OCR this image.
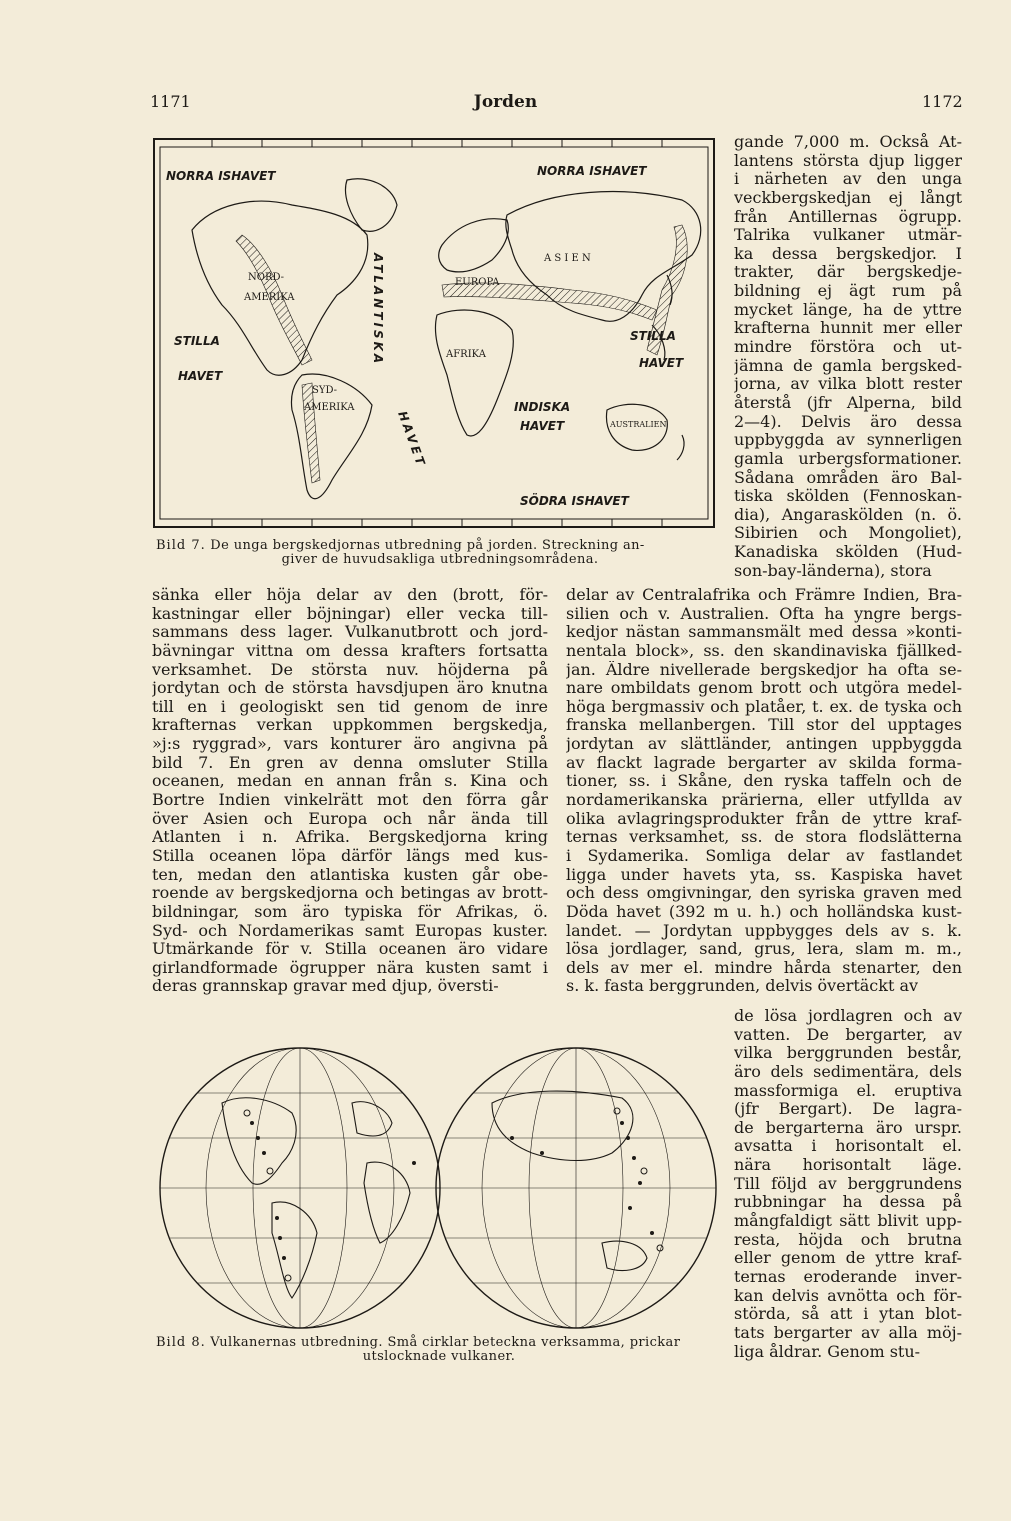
1171	Jorden	1172
NORRA ISHAVET	NORRA ISHAVET
STILLA
HAVET
STILLA
HAVET
INDISKA
HAVET
SÖDRA ISHAVET
NORD-
AMERIKA
SYD-
AMERIKA
AFRIKA
A S I E N
EUROPA
AUSTRALIEN
ATLANTISKA
HAVET
Bild 7. De unga bergskedjornas utbredning på jorden. Streckning an-
giver de huvudsakliga utbredningsområdena.
gande 7,000 m. Också At-
lantens största djup ligger
i närheten av den unga
veckbergskedjan ej långt
från Antillernas ögrupp.
Talrika vulkaner utmär-
ka dessa bergskedjor. I
trakter, där bergskedje-
bildning ej ägt rum på
mycket länge, ha de yttre
krafterna hunnit mer eller
mindre förstöra och ut-
jämna de gamla bergsked-
jorna, av vilka blott rester
återstå (jfr Alperna, bild
2—4). Delvis äro dessa
uppbyggda av synnerligen
gamla urbergsformationer.
Sådana områden äro Bal-
tiska skölden (Fennoskan-
dia), Angaraskölden (n. ö.
Sibirien och Mongoliet),
Kanadiska skölden (Hud-
son-bay-länderna), stora
sänka eller höja delar av den (brott, för-
kastningar eller böjningar) eller vecka till-
sammans dess lager. Vulkanutbrott och jord-
bävningar vittna om dessa krafters fortsatta
verksamhet. De största nuv. höjderna på
jordytan och de största havsdjupen äro knutna
till en i geologiskt sen tid genom de inre
krafternas verkan uppkommen bergskedja,
»j:s ryggrad», vars konturer äro angivna på
bild 7. En gren av denna omsluter Stilla
oceanen, medan en annan från s. Kina och
Bortre Indien vinkelrätt mot den förra går
över Asien och Europa och når ända till
Atlanten i n. Afrika. Bergskedjorna kring
Stilla oceanen löpa därför längs med kus-
ten, medan den atlantiska kusten går obe-
roende av bergskedjorna och betingas av brott-
bildningar, som äro typiska för Afrikas, ö.
Syd- och Nordamerikas samt Europas kuster.
Utmärkande för v. Stilla oceanen äro vidare
girlandformade ögrupper nära kusten samt i
deras grannskap gravar med djup, översti-
delar av Centralafrika och Främre Indien, Bra-
silien och v. Australien. Ofta ha yngre bergs-
kedjor nästan sammansmält med dessa »konti-
nentala block», ss. den skandinaviska fjällked-
jan. Äldre nivellerade bergskedjor ha ofta se-
nare ombildats genom brott och utgöra medel-
höga bergmassiv och platåer, t. ex. de tyska och
franska mellanbergen. Till stor del upptages
jordytan av slättländer, antingen uppbyggda
av flackt lagrade bergarter av skilda forma-
tioner, ss. i Skåne, den ryska taffeln och de
nordamerikanska prärierna, eller utfyllda av
olika avlagringsprodukter från de yttre kraf-
ternas verksamhet, ss. de stora flodslätterna
i Sydamerika. Somliga delar av fastlandet
ligga under havets yta, ss. Kaspiska havet
och dess omgivningar, den syriska graven med
Döda havet (392 m u. h.) och holländska kust-
landet. — Jordytan uppbygges dels av s. k.
lösa jordlager, sand, grus, lera, slam m. m.,
dels av mer el. mindre hårda stenarter, den
s. k. fasta berggrunden, delvis övertäckt av
de lösa jordlagren och av
vatten. De bergarter, av
vilka berggrunden består,
äro dels sedimentära, dels
massformiga el. eruptiva
(jfr Bergart). De lagra-
de bergarterna äro urspr.
avsatta i horisontalt el.
nära horisontalt läge.
Till följd av berggrundens
rubbningar ha dessa på
mångfaldigt sätt blivit upp-
resta, höjda och brutna
eller genom de yttre kraf-
ternas eroderande inver-
kan delvis avnötta och för-
störda, så att i ytan blot-
tats bergarter av alla möj-
liga åldrar. Genom stu-
Bild 8. Vulkanernas utbredning. Små cirklar beteckna verksamma, prickar
utslocknade vulkaner.
